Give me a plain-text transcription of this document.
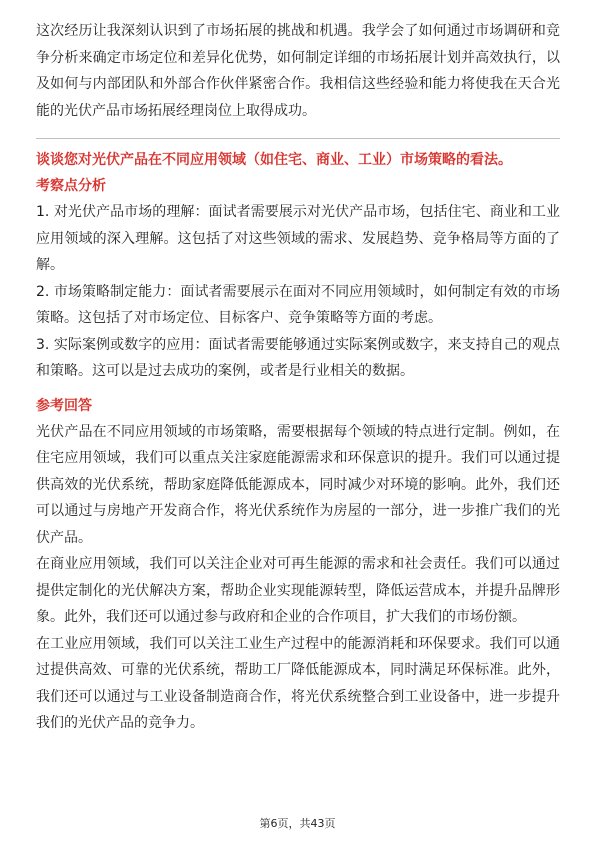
这次经历让我深刻认识到了市场拓展的挑战和机遇。我学会了如何通过市场调研和竞争分析来确定市场定位和差异化优势，如何制定详细的市场拓展计划并高效执行，以及如何与内部团队和外部合作伙伴紧密合作。我相信这些经验和能力将使我在天合光能的光伏产品市场拓展经理岗位上取得成功。

谈谈您对光伏产品在不同应用领域（如住宅、商业、工业）市场策略的看法。

考察点分析

1. 对光伏产品市场的理解：面试者需要展示对光伏产品市场，包括住宅、商业和工业应用领域的深入理解。这包括了对这些领域的需求、发展趋势、竞争格局等方面的了解。

2. 市场策略制定能力：面试者需要展示在面对不同应用领域时，如何制定有效的市场策略。这包括了对市场定位、目标客户、竞争策略等方面的考虑。

3. 实际案例或数字的应用：面试者需要能够通过实际案例或数字，来支持自己的观点和策略。这可以是过去成功的案例，或者是行业相关的数据。

参考回答

光伏产品在不同应用领域的市场策略，需要根据每个领域的特点进行定制。例如，在住宅应用领域，我们可以重点关注家庭能源需求和环保意识的提升。我们可以通过提供高效的光伏系统，帮助家庭降低能源成本，同时减少对环境的影响。此外，我们还可以通过与房地产开发商合作，将光伏系统作为房屋的一部分，进一步推广我们的光伏产品。

在商业应用领域，我们可以关注企业对可再生能源的需求和社会责任。我们可以通过提供定制化的光伏解决方案，帮助企业实现能源转型，降低运营成本，并提升品牌形象。此外，我们还可以通过参与政府和企业的合作项目，扩大我们的市场份额。

在工业应用领域，我们可以关注工业生产过程中的能源消耗和环保要求。我们可以通过提供高效、可靠的光伏系统，帮助工厂降低能源成本，同时满足环保标准。此外，我们还可以通过与工业设备制造商合作，将光伏系统整合到工业设备中，进一步提升我们的光伏产品的竞争力。

第6页，共43页
